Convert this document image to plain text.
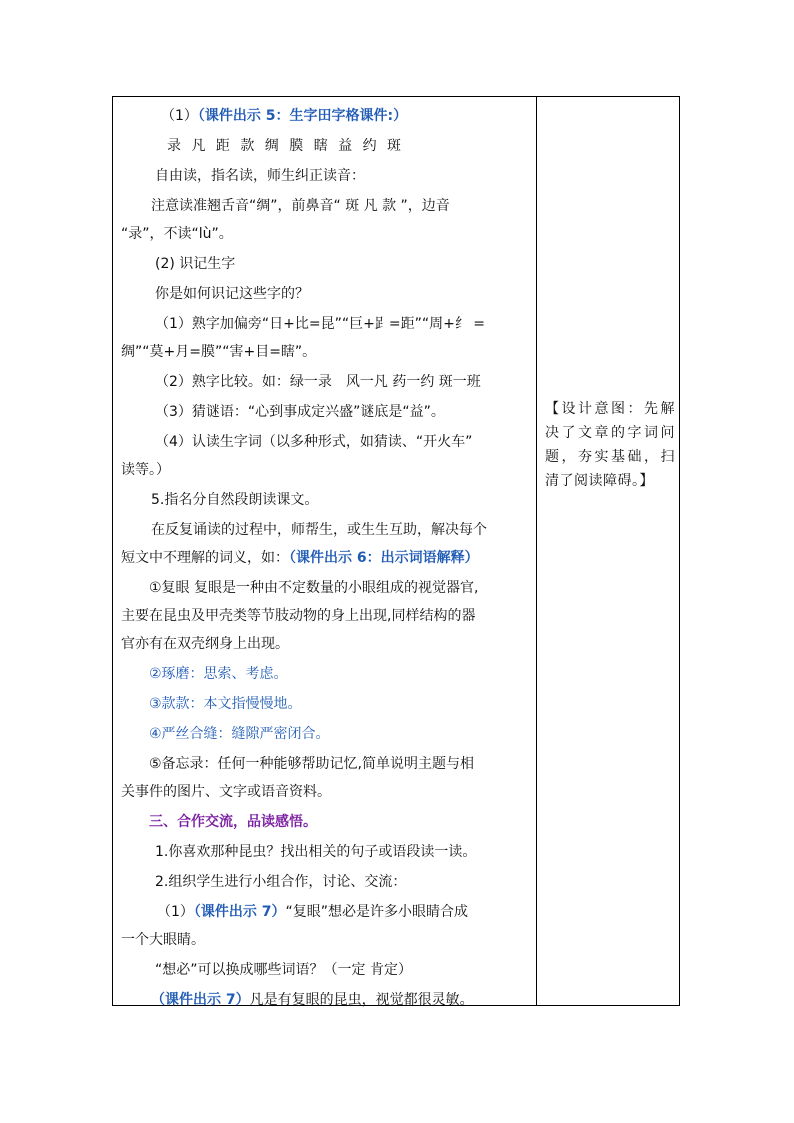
（1）（课件出示 5：生字田字格课件:）
录 凡 距 款 绸 膜 瞎 益 约 斑
自由读，指名读，师生纠正读音：
注意读准翘舌音“绸”，前鼻音“ 斑 凡 款 ”，边音
“录”，不读“lù”。
(2) 识记生字
你是如何识记这些字的？
（1）熟字加偏旁“日+比=昆”“巨+𧾷=距”“周+纟 =
绸”“莫+月=膜”“害+目=瞎”。
（2）熟字比较。如：绿一录　风一凡 药一约 斑一班
（3）猜谜语：“心到事成定兴盛”谜底是“益”。
（4）认读生字词（以多种形式，如猜读、“开火车”
读等。）
5.指名分自然段朗读课文。
在反复诵读的过程中，师帮生，或生生互助，解决每个
短文中不理解的词义，如：（课件出示 6：出示词语解释）
①复眼 复眼是一种由不定数量的小眼组成的视觉器官,
主要在昆虫及甲壳类等节肢动物的身上出现,同样结构的器
官亦有在双壳纲身上出现。
②琢磨：思索、考虑。
③款款：本文指慢慢地。
④严丝合缝：缝隙严密闭合。
⑤备忘录：任何一种能够帮助记忆,简单说明主题与相
关事件的图片、文字或语音资料。
三、合作交流，品读感悟。
1.你喜欢那种昆虫？找出相关的句子或语段读一读。
2.组织学生进行小组合作，讨论、交流：
（1）（课件出示 7）“复眼”想必是许多小眼睛合成
一个大眼睛。
“想必”可以换成哪些词语？（一定 肯定）
（课件出示 7）凡是有复眼的昆虫，视觉都很灵敏。
【设计意图：先解决了文章的字词问题，夯实基础，扫清了阅读障碍。】
